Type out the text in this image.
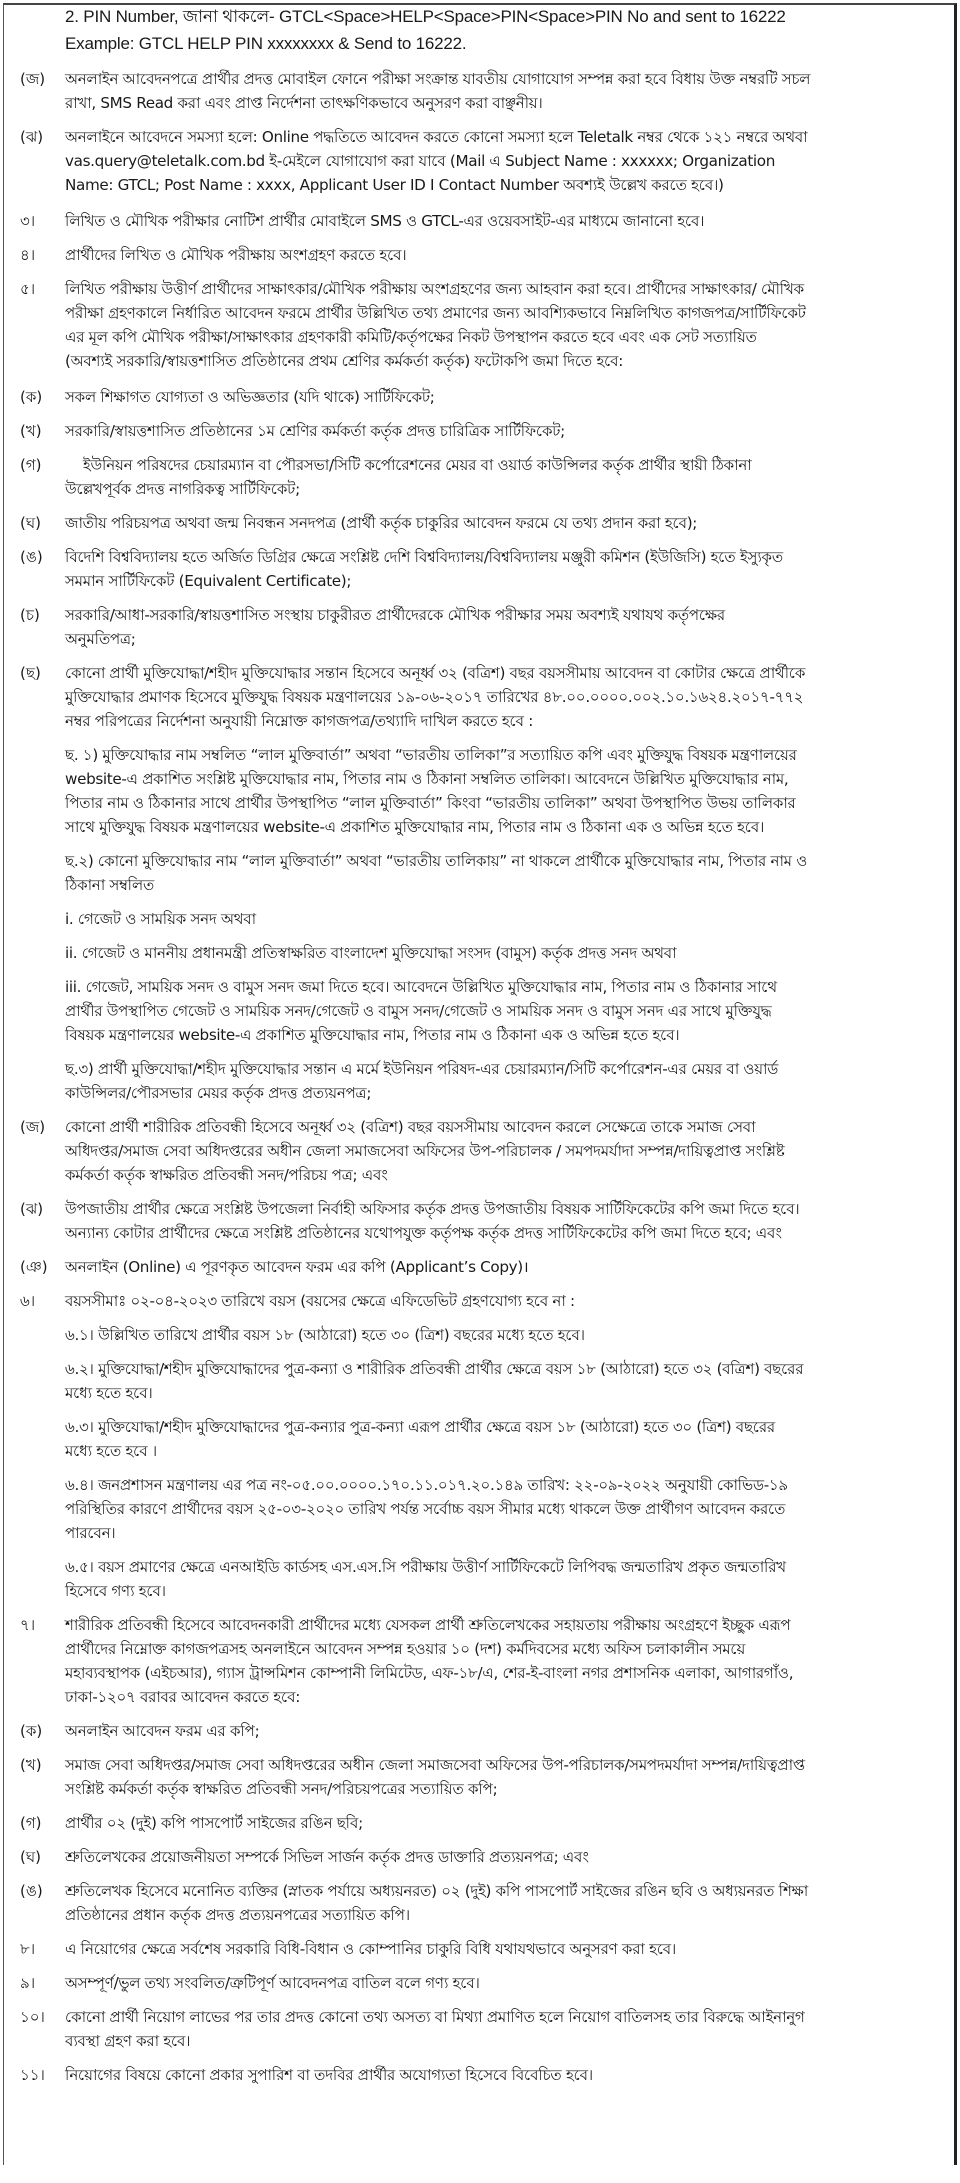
2. PIN Number, জানা থাকলে- GTCL<Space>HELP<Space>PIN<Space>PIN No and sent to 16222
Example: GTCL HELP PIN xxxxxxxx & Send to 16222.
(জ) অনলাইন আবেদনপত্রে প্রার্থীর প্রদত্ত মোবাইল ফোনে পরীক্ষা সংক্রান্ত যাবতীয় যোগাযোগ সম্পন্ন করা হবে বিধায় উক্ত নম্বরটি সচল
রাখা, SMS Read করা এবং প্রাপ্ত নির্দেশনা তাৎক্ষণিকভাবে অনুসরণ করা বাঞ্ছনীয়।
(ঝ) অনলাইনে আবেদনে সমস্যা হলে: Online পদ্ধতিতে আবেদন করতে কোনো সমস্যা হলে Teletalk নম্বর থেকে ১২১ নম্বরে অথবা
vas.query@teletalk.com.bd ই-মেইলে যোগাযোগ করা যাবে (Mail এ Subject Name : xxxxxx; Organization
Name: GTCL; Post Name : xxxx, Applicant User ID I Contact Number অবশ্যই উল্লেখ করতে হবে।)
৩। লিখিত ও মৌখিক পরীক্ষার নোটিশ প্রার্থীর মোবাইলে SMS ও GTCL-এর ওয়েবসাইট-এর মাধ্যমে জানানো হবে।
৪। প্রার্থীদের লিখিত ও মৌখিক পরীক্ষায় অংশগ্রহণ করতে হবে।
৫। লিখিত পরীক্ষায় উত্তীর্ণ প্রার্থীদের সাক্ষাৎকার/মৌখিক পরীক্ষায় অংশগ্রহণের জন্য আহবান করা হবে। প্রার্থীদের সাক্ষাৎকার/ মৌখিক
পরীক্ষা গ্রহণকালে নির্ধারিত আবেদন ফরমে প্রার্থীর উল্লিখিত তথ্য প্রমাণের জন্য আবশ্যিকভাবে নিম্নলিখিত কাগজপত্র/সার্টিফিকেট
এর মূল কপি মৌখিক পরীক্ষা/সাক্ষাৎকার গ্রহণকারী কমিটি/কর্তৃপক্ষের নিকট উপস্থাপন করতে হবে এবং এক সেট সত্যায়িত
(অবশ্যই সরকারি/স্বায়ত্তশাসিত প্রতিষ্ঠানের প্রথম শ্রেণির কর্মকর্তা কর্তৃক) ফটোকপি জমা দিতে হবে:
(ক) সকল শিক্ষাগত যোগ্যতা ও অভিজ্ঞতার (যদি থাকে) সার্টিফিকেট;
(খ) সরকারি/স্বায়ত্তশাসিত প্রতিষ্ঠানের ১ম শ্রেণির কর্মকর্তা কর্তৃক প্রদত্ত চারিত্রিক সার্টিফিকেট;
(গ) ইউনিয়ন পরিষদের চেয়ারম্যান বা পৌরসভা/সিটি কর্পোরেশনের মেয়র বা ওয়ার্ড কাউন্সিলর কর্তৃক প্রার্থীর স্থায়ী ঠিকানা
উল্লেখপূর্বক প্রদত্ত নাগরিকত্ব সার্টিফিকেট;
(ঘ) জাতীয় পরিচয়পত্র অথবা জন্ম নিবন্ধন সনদপত্র (প্রার্থী কর্তৃক চাকুরির আবেদন ফরমে যে তথ্য প্রদান করা হবে);
(ঙ) বিদেশি বিশ্ববিদ্যালয় হতে অর্জিত ডিগ্রির ক্ষেত্রে সংশ্লিষ্ট দেশি বিশ্ববিদ্যালয়/বিশ্ববিদ্যালয় মঞ্জুরী কমিশন (ইউজিসি) হতে ইস্যুকৃত
সমমান সার্টিফিকেট (Equivalent Certificate);
(চ) সরকারি/আধা-সরকারি/স্বায়ত্তশাসিত সংস্থায় চাকুরীরত প্রার্থীদেরকে মৌখিক পরীক্ষার সময় অবশ্যই যথাযথ কর্তৃপক্ষের
অনুমতিপত্র;
(ছ) কোনো প্রার্থী মুক্তিযোদ্ধা/শহীদ মুক্তিযোদ্ধার সন্তান হিসেবে অনূর্ধ্ব ৩২ (বত্রিশ) বছর বয়সসীমায় আবেদন বা কোটার ক্ষেত্রে প্রার্থীকে
মুক্তিযোদ্ধার প্রমাণক হিসেবে মুক্তিযুদ্ধ বিষয়ক মন্ত্রণালয়ের ১৯-০৬-২০১৭ তারিখের ৪৮.০০.০০০০.০০২.১০.১৬২৪.২০১৭-৭৭২
নম্বর পরিপত্রের নির্দেশনা অনুযায়ী নিম্নোক্ত কাগজপত্র/তথ্যাদি দাখিল করতে হবে :
ছ. ১) মুক্তিযোদ্ধার নাম সম্বলিত “লাল মুক্তিবার্তা” অথবা “ভারতীয় তালিকা”র সত্যায়িত কপি এবং মুক্তিযুদ্ধ বিষয়ক মন্ত্রণালয়ের
website-এ প্রকাশিত সংশ্লিষ্ট মুক্তিযোদ্ধার নাম, পিতার নাম ও ঠিকানা সম্বলিত তালিকা। আবেদনে উল্লিখিত মুক্তিযোদ্ধার নাম,
পিতার নাম ও ঠিকানার সাথে প্রার্থীর উপস্থাপিত “লাল মুক্তিবার্তা” কিংবা “ভারতীয় তালিকা” অথবা উপস্থাপিত উভয় তালিকার
সাথে মুক্তিযুদ্ধ বিষয়ক মন্ত্রণালয়ের website-এ প্রকাশিত মুক্তিযোদ্ধার নাম, পিতার নাম ও ঠিকানা এক ও অভিন্ন হতে হবে।
ছ.২) কোনো মুক্তিযোদ্ধার নাম “লাল মুক্তিবার্তা” অথবা “ভারতীয় তালিকায়” না থাকলে প্রার্থীকে মুক্তিযোদ্ধার নাম, পিতার নাম ও
ঠিকানা সম্বলিত
i. গেজেট ও সাময়িক সনদ অথবা
ii. গেজেট ও মাননীয় প্রধানমন্ত্রী প্রতিস্বাক্ষরিত বাংলাদেশ মুক্তিযোদ্ধা সংসদ (বামুস) কর্তৃক প্রদত্ত সনদ অথবা
iii. গেজেট, সাময়িক সনদ ও বামুস সনদ জমা দিতে হবে। আবেদনে উল্লিখিত মুক্তিযোদ্ধার নাম, পিতার নাম ও ঠিকানার সাথে
প্রার্থীর উপস্থাপিত গেজেট ও সাময়িক সনদ/গেজেট ও বামুস সনদ/গেজেট ও সাময়িক সনদ ও বামুস সনদ এর সাথে মুক্তিযুদ্ধ
বিষয়ক মন্ত্রণালয়ের website-এ প্রকাশিত মুক্তিযোদ্ধার নাম, পিতার নাম ও ঠিকানা এক ও অভিন্ন হতে হবে।
ছ.৩) প্রার্থী মুক্তিযোদ্ধা/শহীদ মুক্তিযোদ্ধার সন্তান এ মর্মে ইউনিয়ন পরিষদ-এর চেয়ারম্যান/সিটি কর্পোরেশন-এর মেয়র বা ওয়ার্ড
কাউন্সিলর/পৌরসভার মেয়র কর্তৃক প্রদত্ত প্রত্যয়নপত্র;
(জ) কোনো প্রার্থী শারীরিক প্রতিবন্ধী হিসেবে অনূর্ধ্ব ৩২ (বত্রিশ) বছর বয়সসীমায় আবেদন করলে সেক্ষেত্রে তাকে সমাজ সেবা
অধিদপ্তর/সমাজ সেবা অধিদপ্তরের অধীন জেলা সমাজসেবা অফিসের উপ-পরিচালক / সমপদমর্যাদা সম্পন্ন/দায়িত্বপ্রাপ্ত সংশ্লিষ্ট
কর্মকর্তা কর্তৃক স্বাক্ষরিত প্রতিবন্ধী সনদ/পরিচয় পত্র; এবং
(ঝ) উপজাতীয় প্রার্থীর ক্ষেত্রে সংশ্লিষ্ট উপজেলা নির্বাহী অফিসার কর্তৃক প্রদত্ত উপজাতীয় বিষয়ক সার্টিফিকেটের কপি জমা দিতে হবে।
অন্যান্য কোটার প্রার্থীদের ক্ষেত্রে সংশ্লিষ্ট প্রতিষ্ঠানের যথোপযুক্ত কর্তৃপক্ষ কর্তৃক প্রদত্ত সার্টিফিকেটের কপি জমা দিতে হবে; এবং
(ঞ) অনলাইন (Online) এ পূরণকৃত আবেদন ফরম এর কপি (Applicant’s Copy)।
৬। বয়সসীমাঃ ০২-০৪-২০২৩ তারিখে বয়স (বয়সের ক্ষেত্রে এফিডেভিট গ্রহণযোগ্য হবে না :
৬.১। উল্লিখিত তারিখে প্রার্থীর বয়স ১৮ (আঠারো) হতে ৩০ (ত্রিশ) বছরের মধ্যে হতে হবে।
৬.২। মুক্তিযোদ্ধা/শহীদ মুক্তিযোদ্ধাদের পুত্র-কন্যা ও শারীরিক প্রতিবন্ধী প্রার্থীর ক্ষেত্রে বয়স ১৮ (আঠারো) হতে ৩২ (বত্রিশ) বছরের
মধ্যে হতে হবে।
৬.৩। মুক্তিযোদ্ধা/শহীদ মুক্তিযোদ্ধাদের পুত্র-কন্যার পুত্র-কন্যা এরূপ প্রার্থীর ক্ষেত্রে বয়স ১৮ (আঠারো) হতে ৩০ (ত্রিশ) বছরের
মধ্যে হতে হবে ।
৬.৪। জনপ্রশাসন মন্ত্রণালয় এর পত্র নং-০৫.০০.০০০০.১৭০.১১.০১৭.২০.১৪৯ তারিখ: ২২-০৯-২০২২ অনুযায়ী কোভিড-১৯
পরিস্থিতির কারণে প্রার্থীদের বয়স ২৫-০৩-২০২০ তারিখ পর্যন্ত সর্বোচ্চ বয়স সীমার মধ্যে থাকলে উক্ত প্রার্থীগণ আবেদন করতে
পারবেন।
৬.৫। বয়স প্রমাণের ক্ষেত্রে এনআইডি কার্ডসহ এস.এস.সি পরীক্ষায় উত্তীর্ণ সার্টিফিকেটে লিপিবদ্ধ জন্মতারিখ প্রকৃত জন্মতারিখ
হিসেবে গণ্য হবে।
৭। শারীরিক প্রতিবন্ধী হিসেবে আবেদনকারী প্রার্থীদের মধ্যে যেসকল প্রার্থী শ্রুতিলেখকের সহায়তায় পরীক্ষায় অংগ্রহণে ইচ্ছুক এরূপ
প্রার্থীদের নিম্নোক্ত কাগজপত্রসহ অনলাইনে আবেদন সম্পন্ন হওয়ার ১০ (দশ) কর্মদিবসের মধ্যে অফিস চলাকালীন সময়ে
মহাব্যবস্থাপক (এইচআর), গ্যাস ট্রান্সমিশন কোম্পানী লিমিটেড, এফ-১৮/এ, শের-ই-বাংলা নগর প্রশাসনিক এলাকা, আগারগাঁও,
ঢাকা-১২০৭ বরাবর আবেদন করতে হবে:
(ক) অনলাইন আবেদন ফরম এর কপি;
(খ) সমাজ সেবা অধিদপ্তর/সমাজ সেবা অধিদপ্তরের অধীন জেলা সমাজসেবা অফিসের উপ-পরিচালক/সমপদমর্যাদা সম্পন্ন/দায়িত্বপ্রাপ্ত
সংশ্লিষ্ট কর্মকর্তা কর্তৃক স্বাক্ষরিত প্রতিবন্ধী সনদ/পরিচয়পত্রের সত্যায়িত কপি;
(গ) প্রার্থীর ০২ (দুই) কপি পাসপোর্ট সাইজের রঙিন ছবি;
(ঘ) শ্রুতিলেখকের প্রয়োজনীয়তা সম্পর্কে সিভিল সার্জন কর্তৃক প্রদত্ত ডাক্তারি প্রত্যয়নপত্র; এবং
(ঙ) শ্রুতিলেখক হিসেবে মনোনিত ব্যক্তির (স্নাতক পর্যায়ে অধ্যয়নরত) ০২ (দুই) কপি পাসপোর্ট সাইজের রঙিন ছবি ও অধ্যয়নরত শিক্ষা
প্রতিষ্ঠানের প্রধান কর্তৃক প্রদত্ত প্রত্যয়নপত্রের সত্যায়িত কপি।
৮। এ নিয়োগের ক্ষেত্রে সর্বশেষ সরকারি বিধি-বিধান ও কোম্পানির চাকুরি বিধি যথাযথভাবে অনুসরণ করা হবে।
৯। অসম্পূর্ণ/ভুল তথ্য সংবলিত/ত্রুটিপূর্ণ আবেদনপত্র বাতিল বলে গণ্য হবে।
১০। কোনো প্রার্থী নিয়োগ লাভের পর তার প্রদত্ত কোনো তথ্য অসত্য বা মিথ্যা প্রমাণিত হলে নিয়োগ বাতিলসহ তার বিরুদ্ধে আইনানুগ
ব্যবস্থা গ্রহণ করা হবে।
১১। নিয়োগের বিষয়ে কোনো প্রকার সুপারিশ বা তদবির প্রার্থীর অযোগ্যতা হিসেবে বিবেচিত হবে।
